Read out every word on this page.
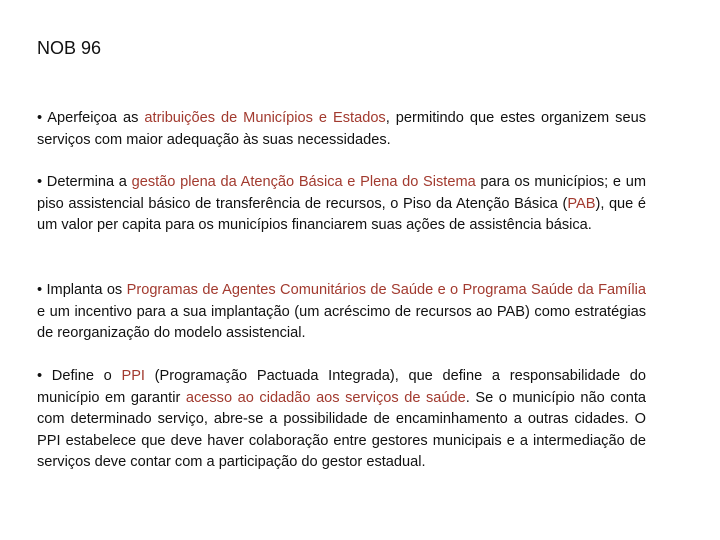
NOB 96
• Aperfeiçoa as atribuições de Municípios e Estados, permitindo que estes organizem seus serviços com maior adequação às suas necessidades.
• Determina a gestão plena da Atenção Básica e Plena do Sistema para os municípios; e um piso assistencial básico de transferência de recursos, o Piso da Atenção Básica (PAB), que é um valor per capita para os municípios financiarem suas ações de assistência básica.
• Implanta os Programas de Agentes Comunitários de Saúde e o Programa Saúde da Família e um incentivo para a sua implantação (um acréscimo de recursos ao PAB) como estratégias de reorganização do modelo assistencial.
• Define o PPI (Programação Pactuada Integrada), que define a responsabilidade do município em garantir acesso ao cidadão aos serviços de saúde. Se o município não conta com determinado serviço, abre-se a possibilidade de encaminhamento a outras cidades. O PPI estabelece que deve haver colaboração entre gestores municipais e a intermediação de serviços deve contar com a participação do gestor estadual.
